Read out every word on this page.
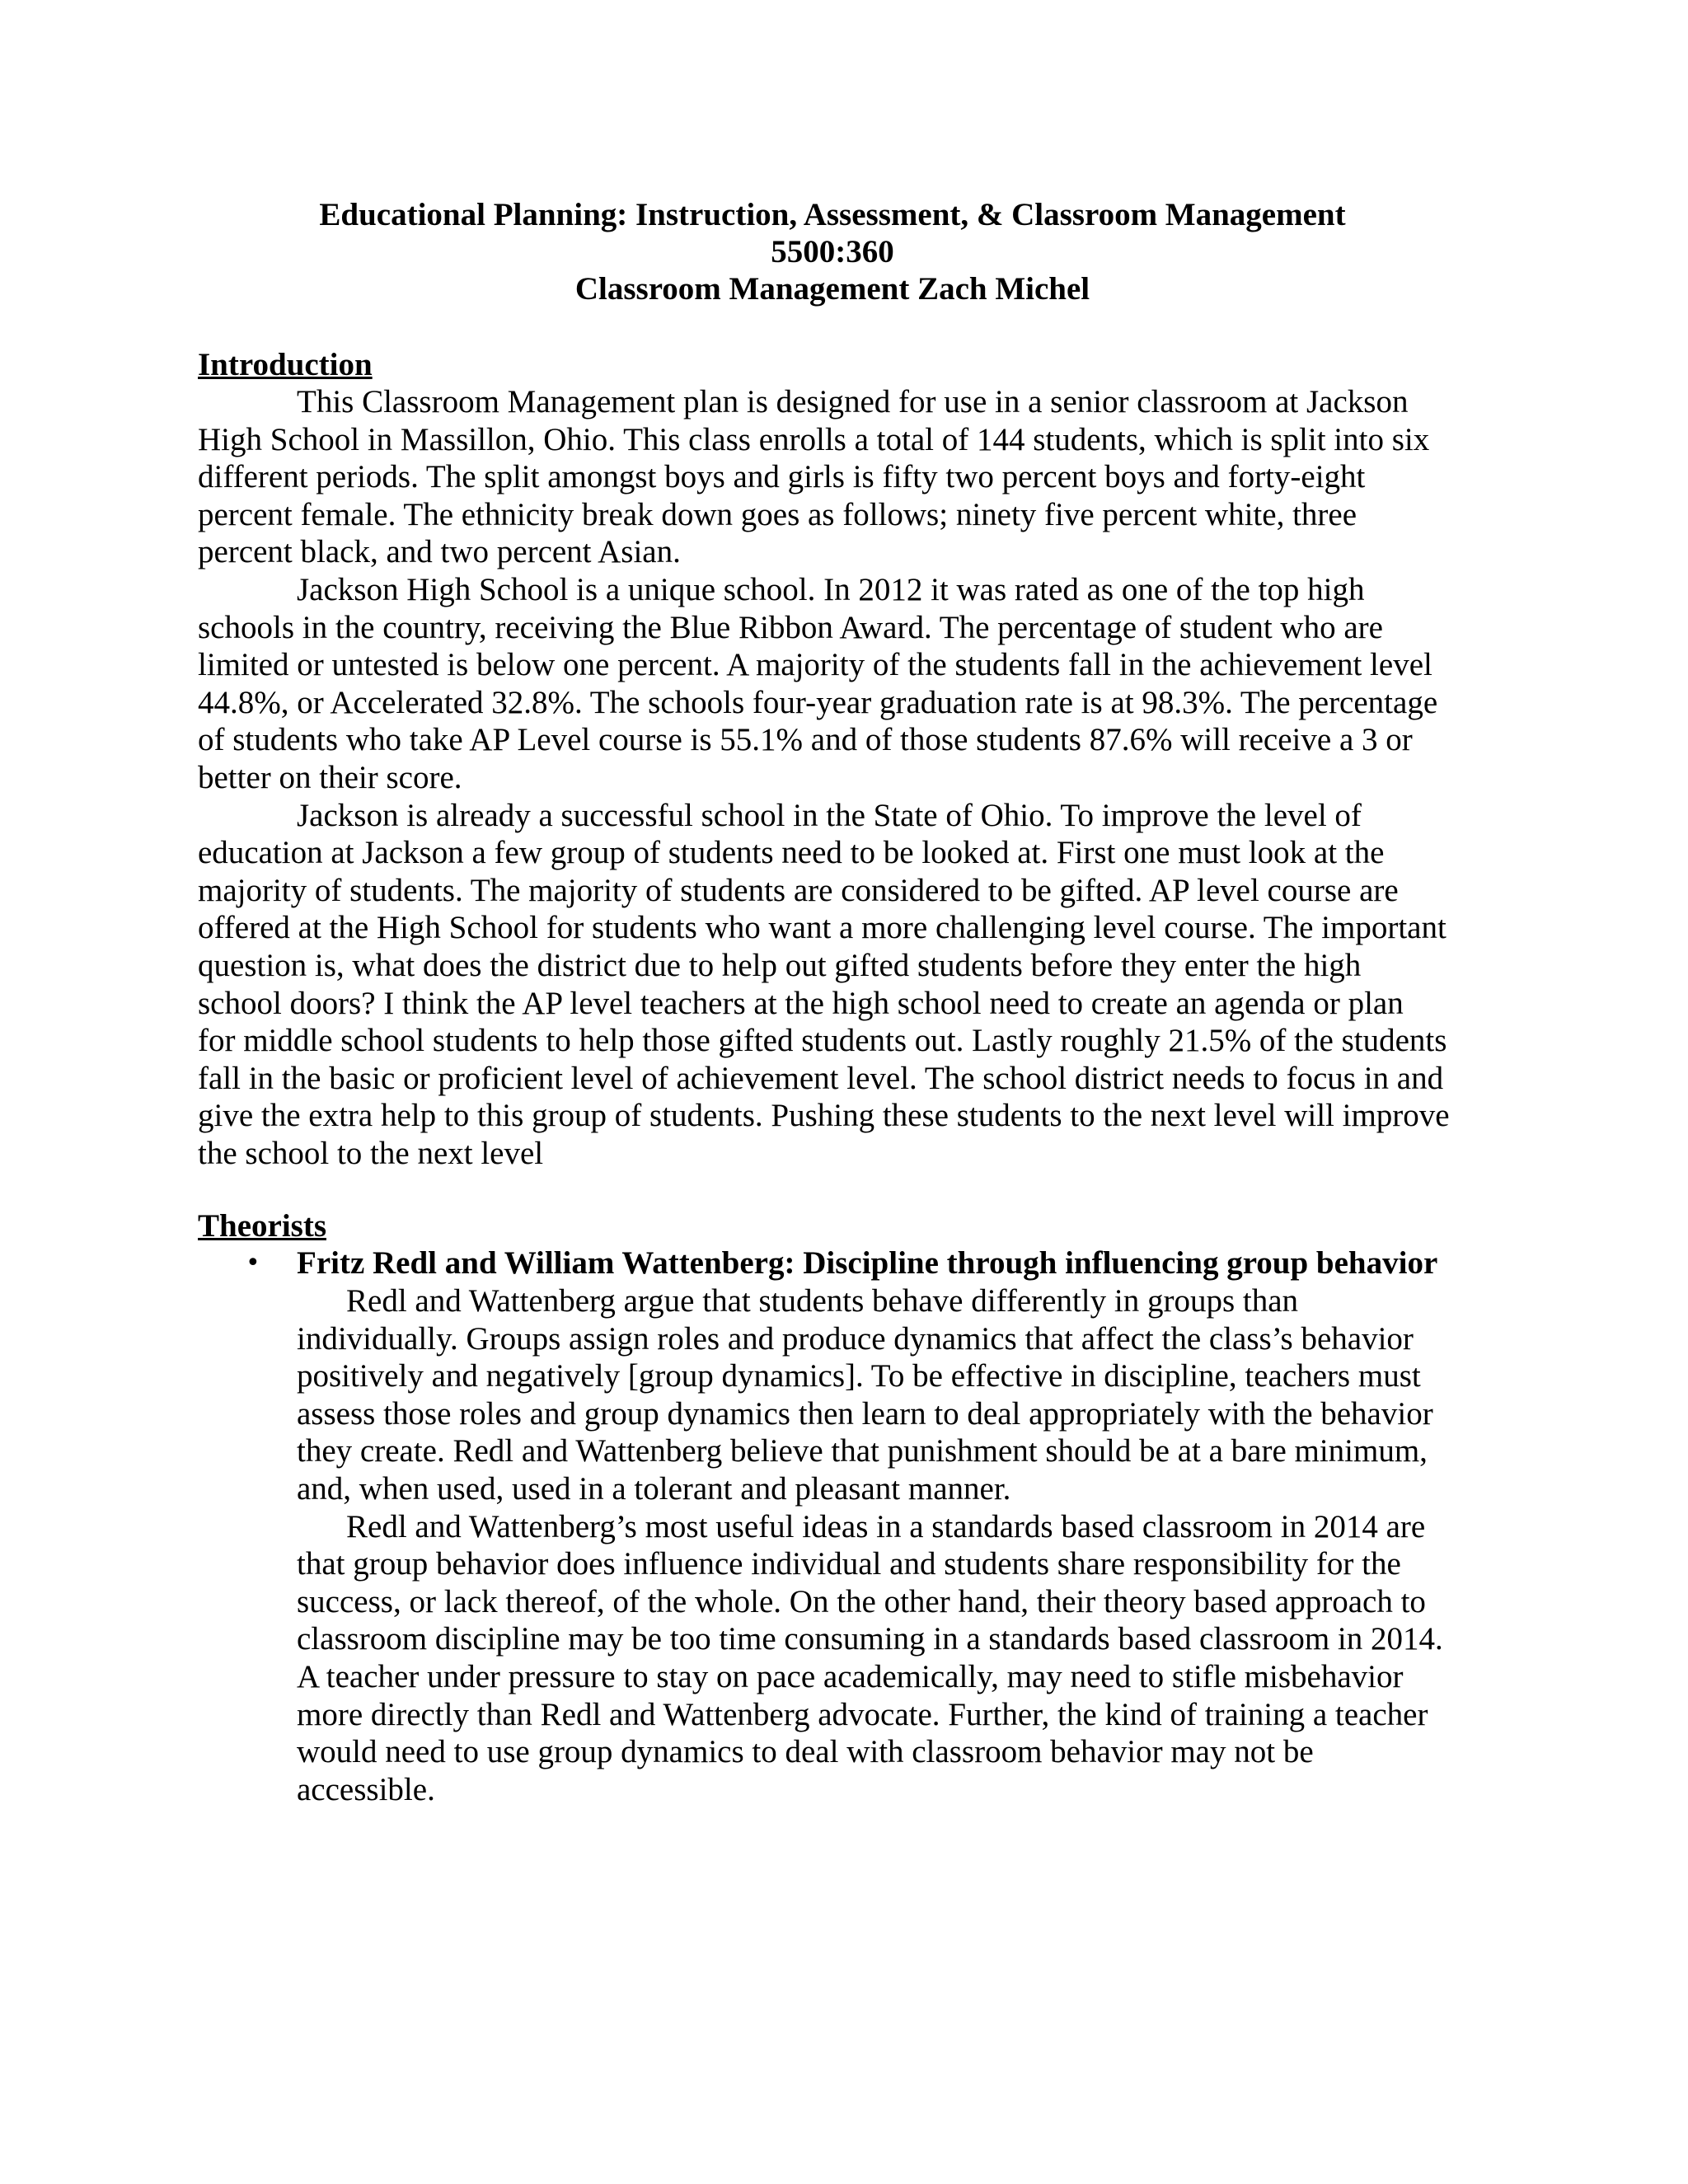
Educational Planning: Instruction, Assessment, & Classroom Management
5500:360
Classroom Management Zach Michel
Introduction
This Classroom Management plan is designed for use in a senior classroom at Jackson
High School in Massillon, Ohio. This class enrolls a total of 144 students, which is split into six
different periods. The split amongst boys and girls is fifty two percent boys and forty-eight
percent female. The ethnicity break down goes as follows; ninety five percent white, three
percent black, and two percent Asian.
Jackson High School is a unique school. In 2012 it was rated as one of the top high
schools in the country, receiving the Blue Ribbon Award. The percentage of student who are
limited or untested is below one percent. A majority of the students fall in the achievement level
44.8%, or Accelerated 32.8%. The schools four-year graduation rate is at 98.3%. The percentage
of students who take AP Level course is 55.1% and of those students 87.6% will receive a 3 or
better on their score.
Jackson is already a successful school in the State of Ohio. To improve the level of
education at Jackson a few group of students need to be looked at. First one must look at the
majority of students. The majority of students are considered to be gifted. AP level course are
offered at the High School for students who want a more challenging level course. The important
question is, what does the district due to help out gifted students before they enter the high
school doors? I think the AP level teachers at the high school need to create an agenda or plan
for middle school students to help those gifted students out. Lastly roughly 21.5% of the students
fall in the basic or proficient level of achievement level. The school district needs to focus in and
give the extra help to this group of students. Pushing these students to the next level will improve
the school to the next level
Theorists
• Fritz Redl and William Wattenberg: Discipline through influencing group behavior
Redl and Wattenberg argue that students behave differently in groups than
individually. Groups assign roles and produce dynamics that affect the class’s behavior
positively and negatively [group dynamics]. To be effective in discipline, teachers must
assess those roles and group dynamics then learn to deal appropriately with the behavior
they create. Redl and Wattenberg believe that punishment should be at a bare minimum,
and, when used, used in a tolerant and pleasant manner.
Redl and Wattenberg’s most useful ideas in a standards based classroom in 2014 are
that group behavior does influence individual and students share responsibility for the
success, or lack thereof, of the whole. On the other hand, their theory based approach to
classroom discipline may be too time consuming in a standards based classroom in 2014.
A teacher under pressure to stay on pace academically, may need to stifle misbehavior
more directly than Redl and Wattenberg advocate. Further, the kind of training a teacher
would need to use group dynamics to deal with classroom behavior may not be
accessible.
